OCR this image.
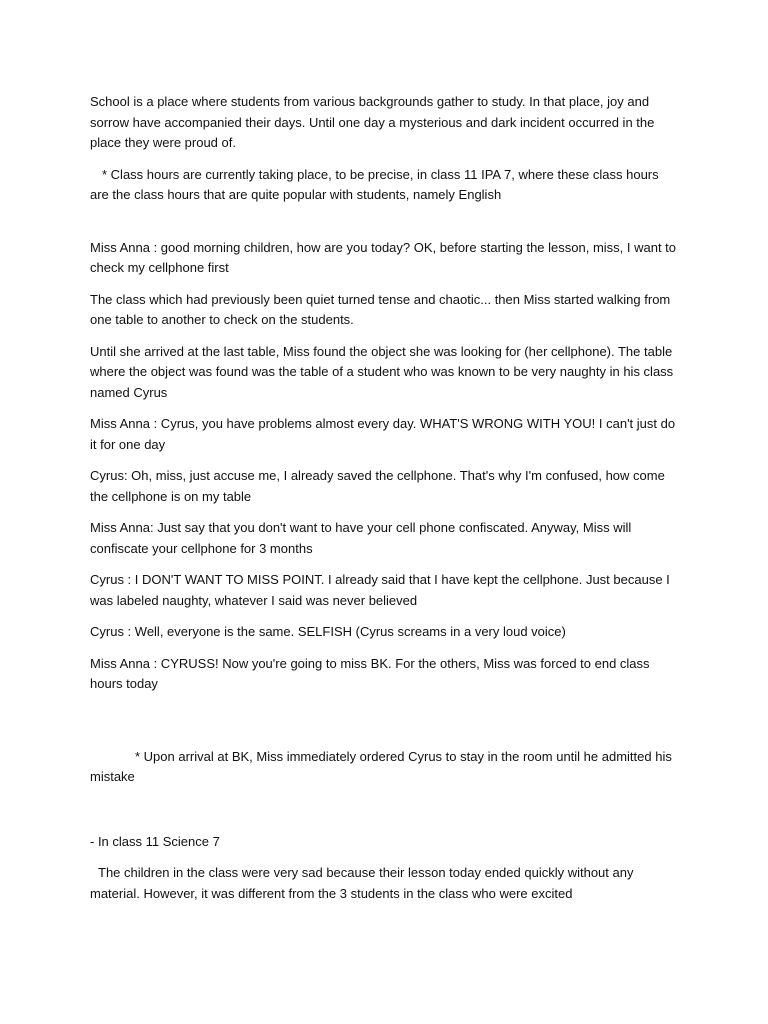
School is a place where students from various backgrounds gather to study. In that place, joy and sorrow have accompanied their days. Until one day a mysterious and dark incident occurred in the place they were proud of.

* Class hours are currently taking place, to be precise, in class 11 IPA 7, where these class hours are the class hours that are quite popular with students, namely English

Miss Anna : good morning children, how are you today? OK, before starting the lesson, miss, I want to check my cellphone first

The class which had previously been quiet turned tense and chaotic... then Miss started walking from one table to another to check on the students.

Until she arrived at the last table, Miss found the object she was looking for (her cellphone). The table where the object was found was the table of a student who was known to be very naughty in his class named Cyrus

Miss Anna : Cyrus, you have problems almost every day. WHAT'S WRONG WITH YOU! I can't just do it for one day

Cyrus: Oh, miss, just accuse me, I already saved the cellphone. That's why I'm confused, how come the cellphone is on my table

Miss Anna: Just say that you don't want to have your cell phone confiscated. Anyway, Miss will confiscate your cellphone for 3 months

Cyrus : I DON'T WANT TO MISS POINT. I already said that I have kept the cellphone. Just because I was labeled naughty, whatever I said was never believed

Cyrus : Well, everyone is the same. SELFISH (Cyrus screams in a very loud voice)

Miss Anna : CYRUSS! Now you're going to miss BK. For the others, Miss was forced to end class hours today

* Upon arrival at BK, Miss immediately ordered Cyrus to stay in the room until he admitted his mistake

- In class 11 Science 7

The children in the class were very sad because their lesson today ended quickly without any material. However, it was different from the 3 students in the class who were excited
